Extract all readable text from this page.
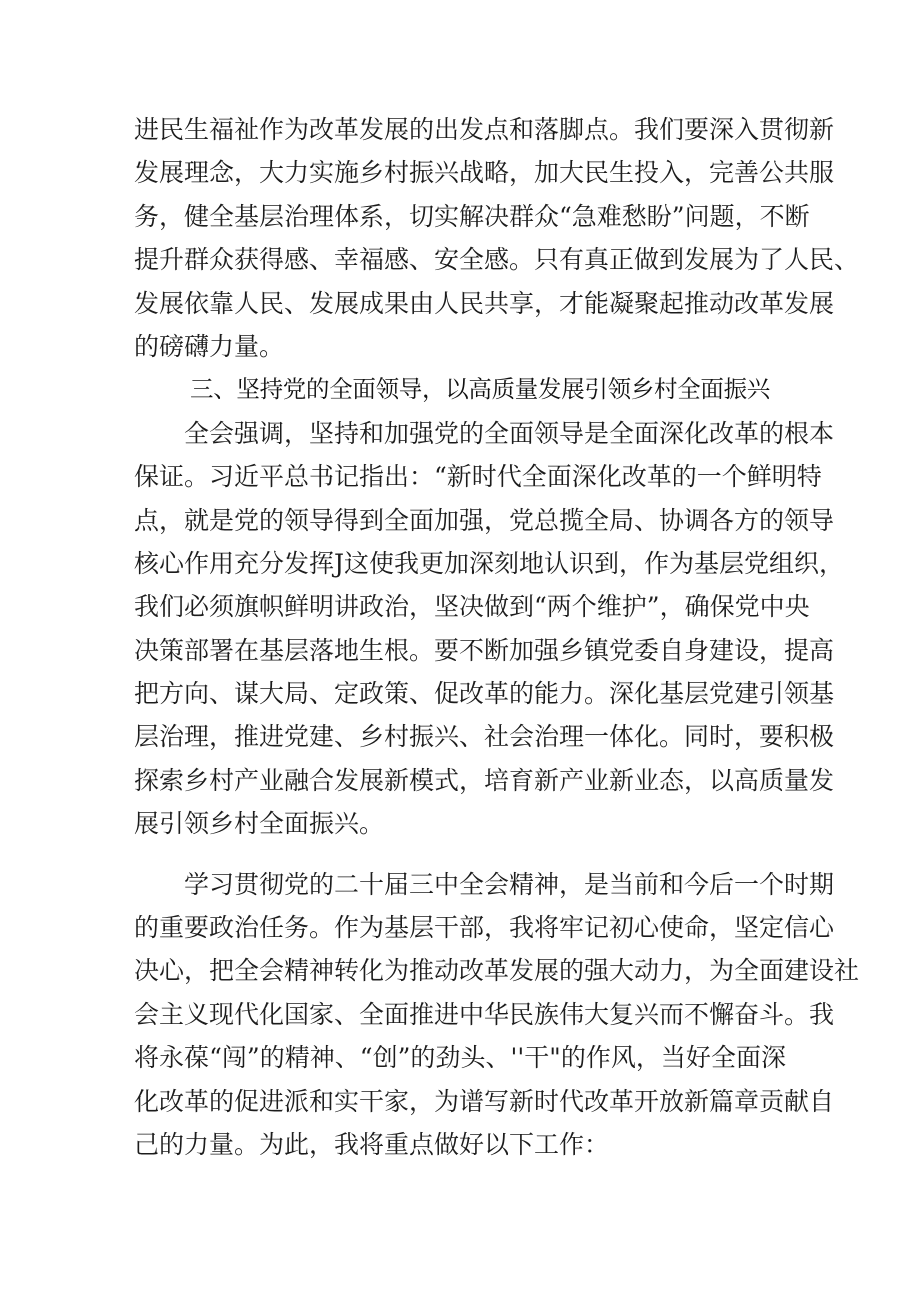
进民生福祉作为改革发展的出发点和落脚点。我们要深入贯彻新
发展理念，大力实施乡村振兴战略，加大民生投入，完善公共服
务，健全基层治理体系，切实解决群众“急难愁盼”问题，不断
提升群众获得感、幸福感、安全感。只有真正做到发展为了人民、
发展依靠人民、发展成果由人民共享，才能凝聚起推动改革发展
的磅礴力量。
三、坚持党的全面领导，以高质量发展引领乡村全面振兴
全会强调，坚持和加强党的全面领导是全面深化改革的根本
保证。习近平总书记指出：“新时代全面深化改革的一个鲜明特
点，就是党的领导得到全面加强，党总揽全局、协调各方的领导
核心作用充分发挥J这使我更加深刻地认识到，作为基层党组织，
我们必须旗帜鲜明讲政治，坚决做到“两个维护”，确保党中央
决策部署在基层落地生根。要不断加强乡镇党委自身建设，提高
把方向、谋大局、定政策、促改革的能力。深化基层党建引领基
层治理，推进党建、乡村振兴、社会治理一体化。同时，要积极
探索乡村产业融合发展新模式，培育新产业新业态，以高质量发
展引领乡村全面振兴。
学习贯彻党的二十届三中全会精神，是当前和今后一个时期
的重要政治任务。作为基层干部，我将牢记初心使命，坚定信心
决心，把全会精神转化为推动改革发展的强大动力，为全面建设社
会主义现代化国家、全面推进中华民族伟大复兴而不懈奋斗。我
将永葆“闯”的精神、“创”的劲头、''干"的作风，当好全面深
化改革的促进派和实干家，为谱写新时代改革开放新篇章贡献自
己的力量。为此，我将重点做好以下工作：
